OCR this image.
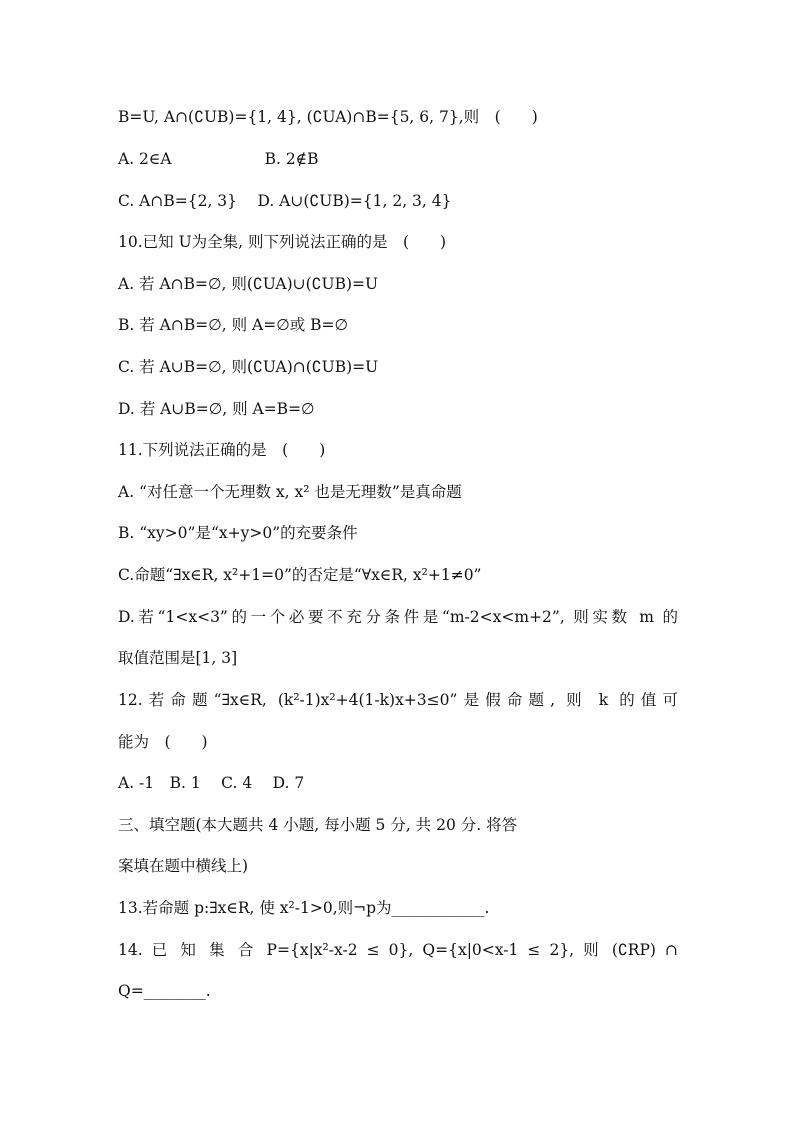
B=U, A∩(∁UB)={1, 4}, (∁UA)∩B={5, 6, 7},则　(　　)
A. 2∈A　　　　　　B. 2∉B
C. A∩B={2, 3}　 D. A∪(∁UB)={1, 2, 3, 4}
10.已知 U为全集, 则下列说法正确的是　(　　)
A. 若 A∩B=∅, 则(∁UA)∪(∁UB)=U
B. 若 A∩B=∅, 则 A=∅或 B=∅
C. 若 A∪B=∅, 则(∁UA)∩(∁UB)=U
D. 若 A∪B=∅, 则 A=B=∅
11.下列说法正确的是　(　　)
A. “对任意一个无理数 x, x² 也是无理数”是真命题
B. “xy>0”是“x+y>0”的充要条件
C.命题“∃x∈R, x²+1=0”的否定是“∀x∈R, x²+1≠0”
D.若“1<x<3”的一个必要不充分条件是“m-2<x<m+2”, 则实数 m 的
取值范围是[1, 3]
12.若命题“∃x∈R, (k²-1)x²+4(1-k)x+3≤0”是假命题, 则 k 的值可
能为　(　　)
A. -1　B. 1　 C. 4　 D. 7
三、填空题(本大题共 4 小题, 每小题 5 分, 共 20 分. 将答
案填在题中横线上)
13.若命题 p:∃x∈R, 使 x²-1>0,则¬p为____________.
14. 已 知 集 合 P={x|x²-x-2 ≤ 0}, Q={x|0<x-1 ≤ 2}, 则 (∁RP) ∩
Q=________.
